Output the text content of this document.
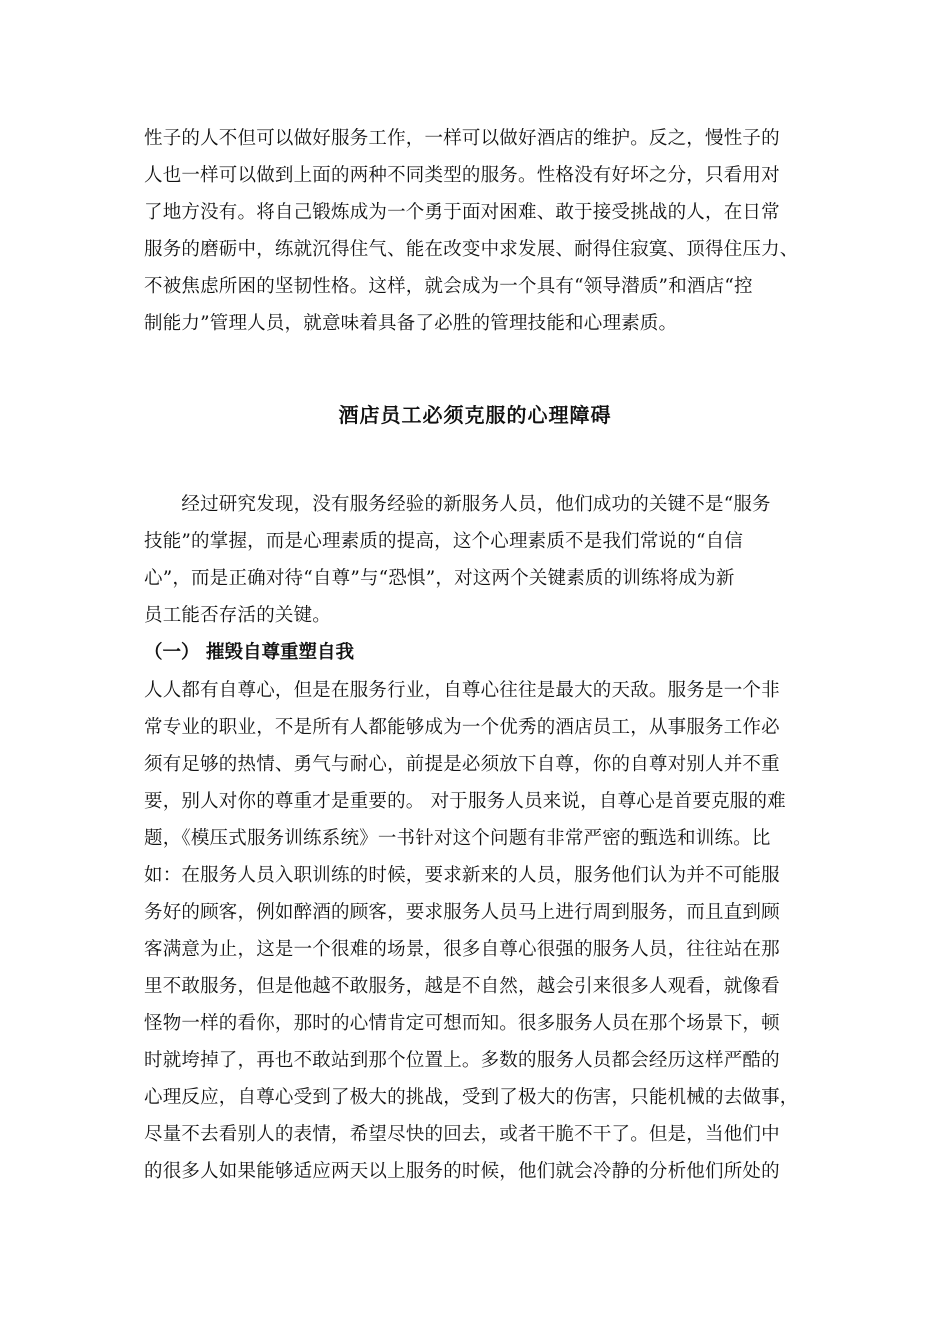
性子的人不但可以做好服务工作，一样可以做好酒店的维护。反之，慢性子的
人也一样可以做到上面的两种不同类型的服务。性格没有好坏之分，只看用对
了地方没有。将自己锻炼成为一个勇于面对困难、敢于接受挑战的人，在日常
服务的磨砺中，练就沉得住气、能在改变中求发展、耐得住寂寞、顶得住压力、
不被焦虑所困的坚韧性格。这样，就会成为一个具有“领导潜质”和酒店“控
制能力”管理人员，就意味着具备了必胜的管理技能和心理素质。
酒店员工必须克服的心理障碍
　　经过研究发现，没有服务经验的新服务人员，他们成功的关键不是“服务
技能”的掌握，而是心理素质的提高，这个心理素质不是我们常说的“自信
心”，而是正确对待“自尊”与“恐惧”，对这两个关键素质的训练将成为新
员工能否存活的关键。
（一） 摧毁自尊重塑自我
人人都有自尊心，但是在服务行业，自尊心往往是最大的天敌。服务是一个非
常专业的职业，不是所有人都能够成为一个优秀的酒店员工，从事服务工作必
须有足够的热情、勇气与耐心，前提是必须放下自尊，你的自尊对别人并不重
要，别人对你的尊重才是重要的。 对于服务人员来说，自尊心是首要克服的难
题，《模压式服务训练系统》一书针对这个问题有非常严密的甄选和训练。比
如：在服务人员入职训练的时候，要求新来的人员，服务他们认为并不可能服
务好的顾客，例如醉酒的顾客，要求服务人员马上进行周到服务，而且直到顾
客满意为止，这是一个很难的场景，很多自尊心很强的服务人员，往往站在那
里不敢服务，但是他越不敢服务，越是不自然，越会引来很多人观看，就像看
怪物一样的看你，那时的心情肯定可想而知。很多服务人员在那个场景下，顿
时就垮掉了，再也不敢站到那个位置上。多数的服务人员都会经历这样严酷的
心理反应，自尊心受到了极大的挑战，受到了极大的伤害，只能机械的去做事，
尽量不去看别人的表情，希望尽快的回去，或者干脆不干了。但是，当他们中
的很多人如果能够适应两天以上服务的时候，他们就会冷静的分析他们所处的
